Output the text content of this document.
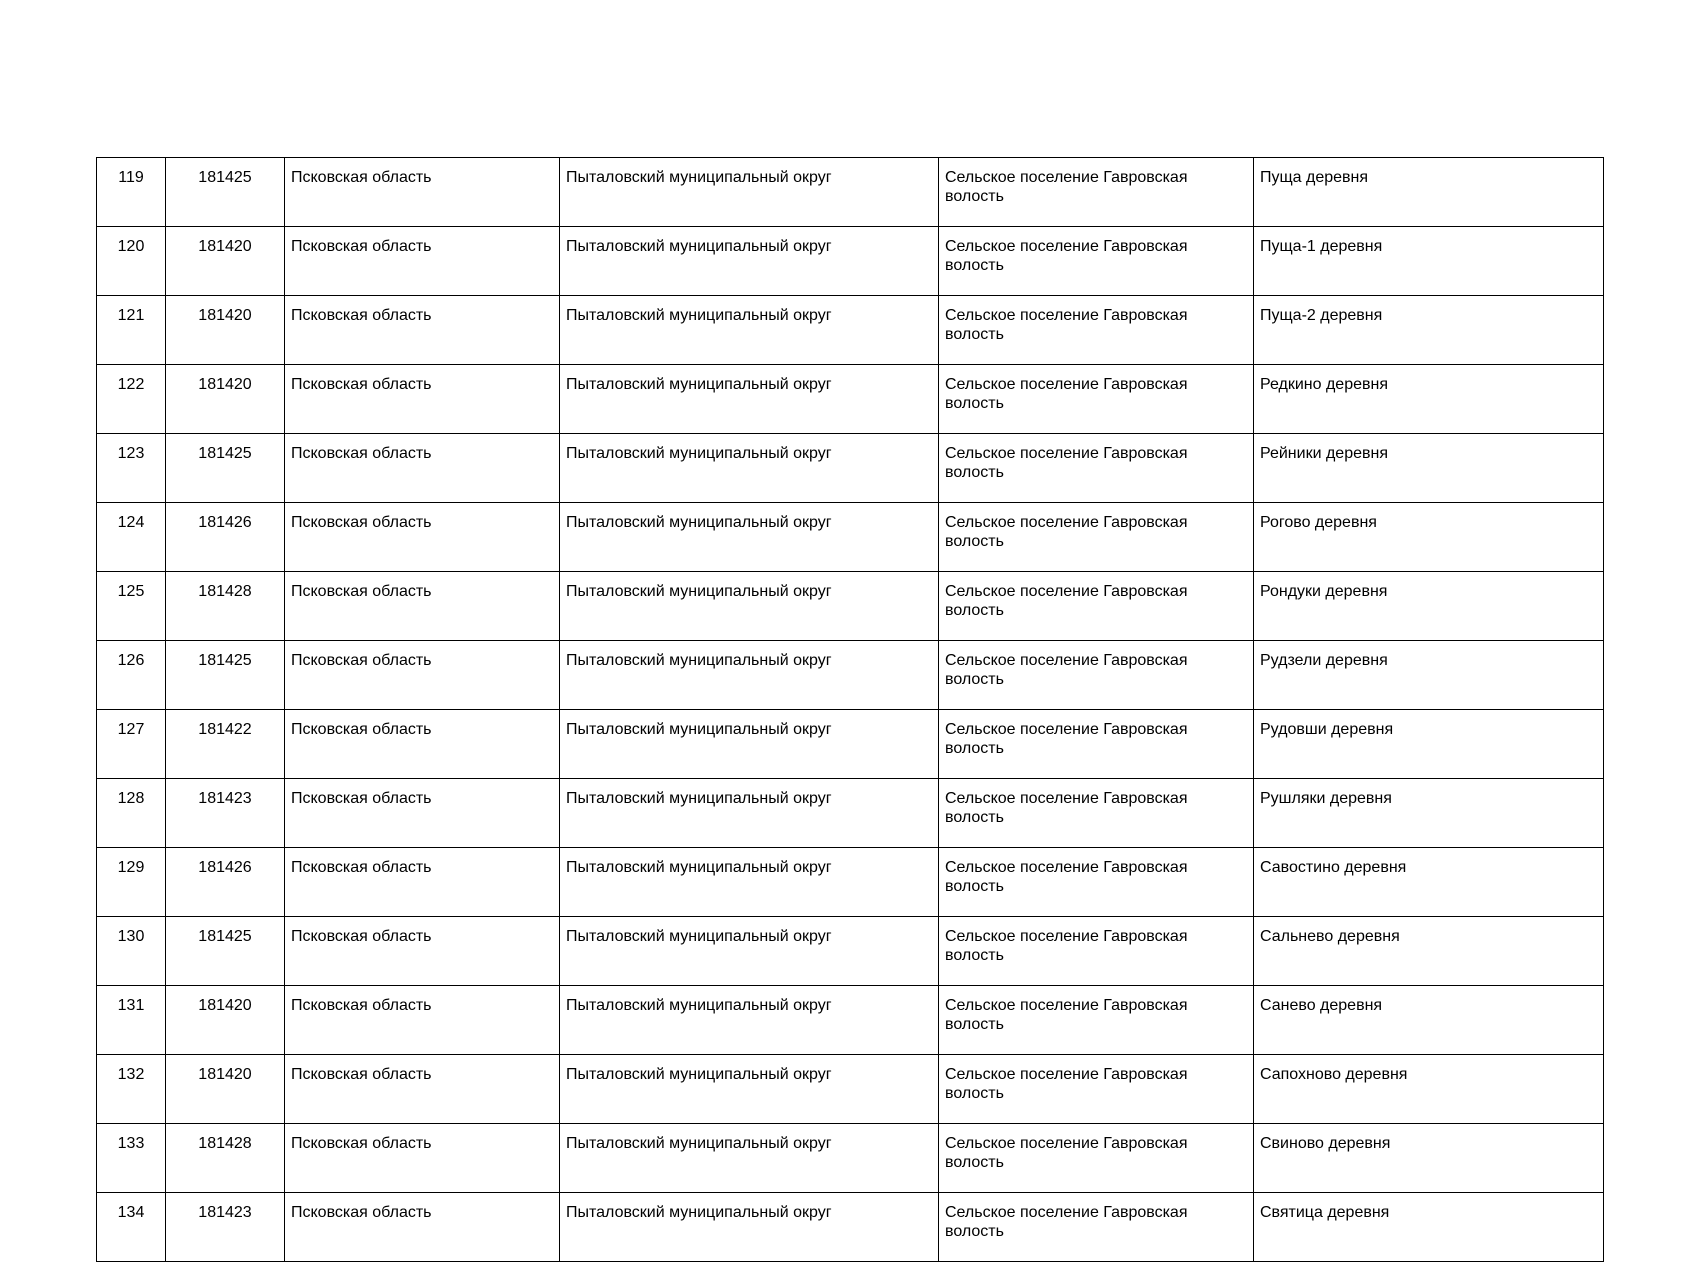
119	181425	Псковская область	Пыталовский муниципальный округ	Сельское поселение Гавровская волость	Пуща деревня
120	181420	Псковская область	Пыталовский муниципальный округ	Сельское поселение Гавровская волость	Пуща-1 деревня
121	181420	Псковская область	Пыталовский муниципальный округ	Сельское поселение Гавровская волость	Пуща-2 деревня
122	181420	Псковская область	Пыталовский муниципальный округ	Сельское поселение Гавровская волость	Редкино деревня
123	181425	Псковская область	Пыталовский муниципальный округ	Сельское поселение Гавровская волость	Рейники деревня
124	181426	Псковская область	Пыталовский муниципальный округ	Сельское поселение Гавровская волость	Рогово деревня
125	181428	Псковская область	Пыталовский муниципальный округ	Сельское поселение Гавровская волость	Рондуки деревня
126	181425	Псковская область	Пыталовский муниципальный округ	Сельское поселение Гавровская волость	Рудзели деревня
127	181422	Псковская область	Пыталовский муниципальный округ	Сельское поселение Гавровская волость	Рудовши деревня
128	181423	Псковская область	Пыталовский муниципальный округ	Сельское поселение Гавровская волость	Рушляки деревня
129	181426	Псковская область	Пыталовский муниципальный округ	Сельское поселение Гавровская волость	Савостино деревня
130	181425	Псковская область	Пыталовский муниципальный округ	Сельское поселение Гавровская волость	Сальнево деревня
131	181420	Псковская область	Пыталовский муниципальный округ	Сельское поселение Гавровская волость	Санево деревня
132	181420	Псковская область	Пыталовский муниципальный округ	Сельское поселение Гавровская волость	Сапохново деревня
133	181428	Псковская область	Пыталовский муниципальный округ	Сельское поселение Гавровская волость	Свиново деревня
134	181423	Псковская область	Пыталовский муниципальный округ	Сельское поселение Гавровская волость	Святица деревня
